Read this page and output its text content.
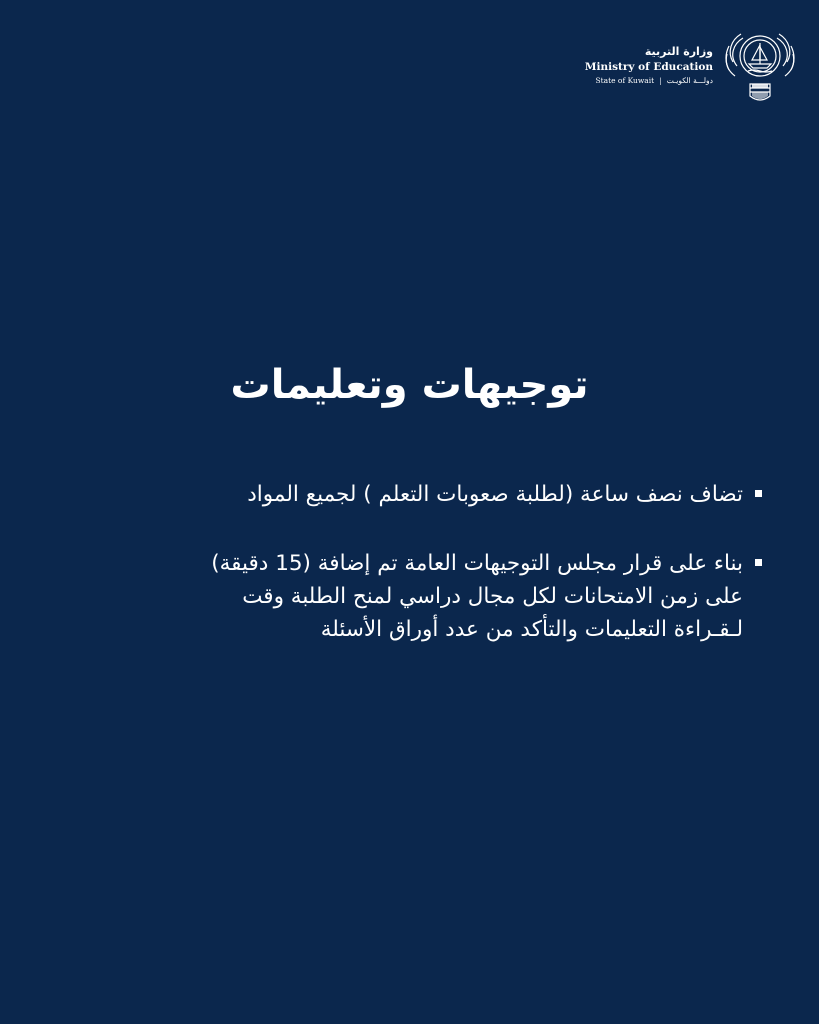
وزارة التربية
Ministry of Education
State of Kuwait | دولـــة الكويـت
توجيهات وتعليمات
تضاف نصف ساعة (لطلبة صعوبات التعلم ) لجميع المواد
بناء على قرار مجلس التوجيهات العامة تم إضافة (15 دقيقة)
على زمن الامتحانات لكل مجال دراسي لمنح الطلبة وقت
لـقـراءة التعليمات والتأكد من عدد أوراق الأسئلة
